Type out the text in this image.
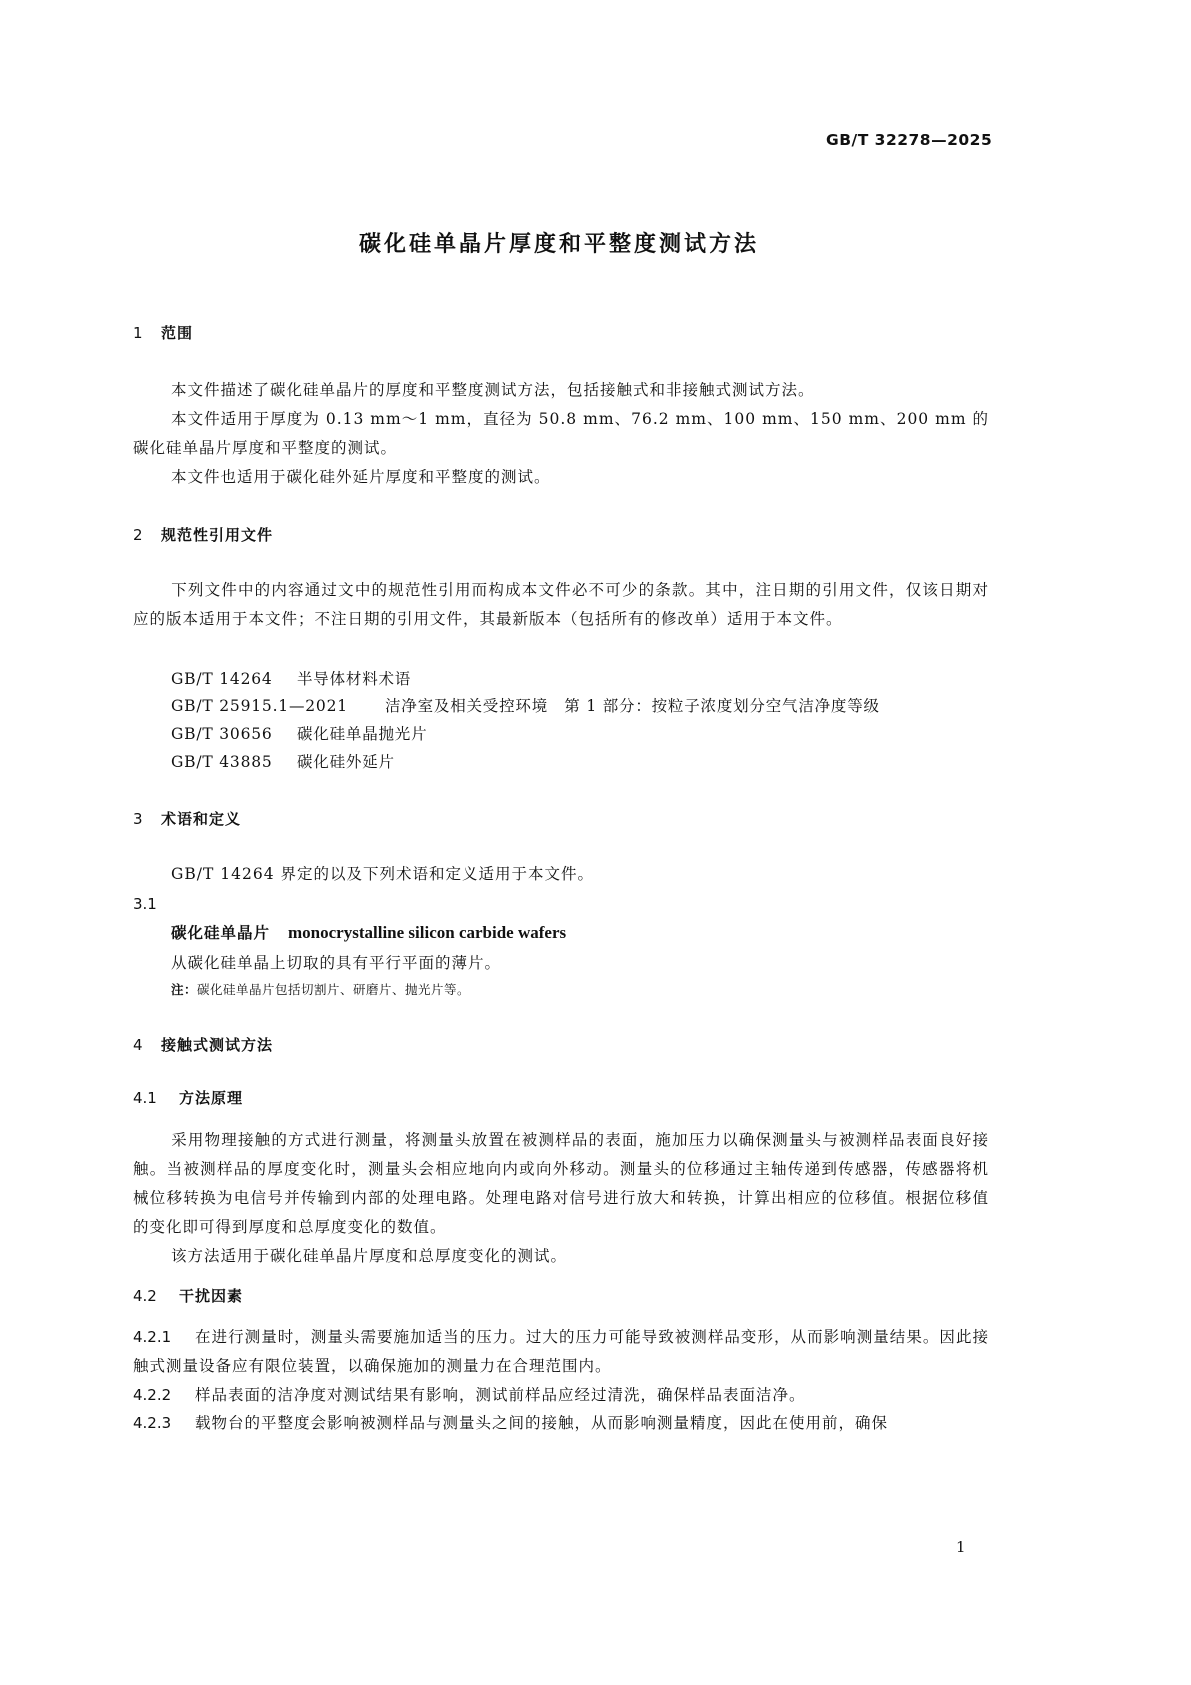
GB/T 32278—2025
碳化硅单晶片厚度和平整度测试方法
1 范围
本文件描述了碳化硅单晶片的厚度和平整度测试方法，包括接触式和非接触式测试方法。
本文件适用于厚度为 0.13 mm～1 mm，直径为 50.8 mm、76.2 mm、100 mm、150 mm、200 mm 的碳化硅单晶片厚度和平整度的测试。
本文件也适用于碳化硅外延片厚度和平整度的测试。
2 规范性引用文件
下列文件中的内容通过文中的规范性引用而构成本文件必不可少的条款。其中，注日期的引用文件，仅该日期对应的版本适用于本文件；不注日期的引用文件，其最新版本（包括所有的修改单）适用于本文件。
GB/T 14264 半导体材料术语
GB/T 25915.1—2021 洁净室及相关受控环境　第 1 部分：按粒子浓度划分空气洁净度等级
GB/T 30656 碳化硅单晶抛光片
GB/T 43885 碳化硅外延片
3 术语和定义
GB/T 14264 界定的以及下列术语和定义适用于本文件。
3.1
碳化硅单晶片 monocrystalline silicon carbide wafers
从碳化硅单晶上切取的具有平行平面的薄片。
注：碳化硅单晶片包括切割片、研磨片、抛光片等。
4 接触式测试方法
4.1 方法原理
采用物理接触的方式进行测量，将测量头放置在被测样品的表面，施加压力以确保测量头与被测样品表面良好接触。当被测样品的厚度变化时，测量头会相应地向内或向外移动。测量头的位移通过主轴传递到传感器，传感器将机械位移转换为电信号并传输到内部的处理电路。处理电路对信号进行放大和转换，计算出相应的位移值。根据位移值的变化即可得到厚度和总厚度变化的数值。
该方法适用于碳化硅单晶片厚度和总厚度变化的测试。
4.2 干扰因素
4.2.1 在进行测量时，测量头需要施加适当的压力。过大的压力可能导致被测样品变形，从而影响测量结果。因此接触式测量设备应有限位装置，以确保施加的测量力在合理范围内。
4.2.2 样品表面的洁净度对测试结果有影响，测试前样品应经过清洗，确保样品表面洁净。
4.2.3 载物台的平整度会影响被测样品与测量头之间的接触，从而影响测量精度，因此在使用前，确保
1
